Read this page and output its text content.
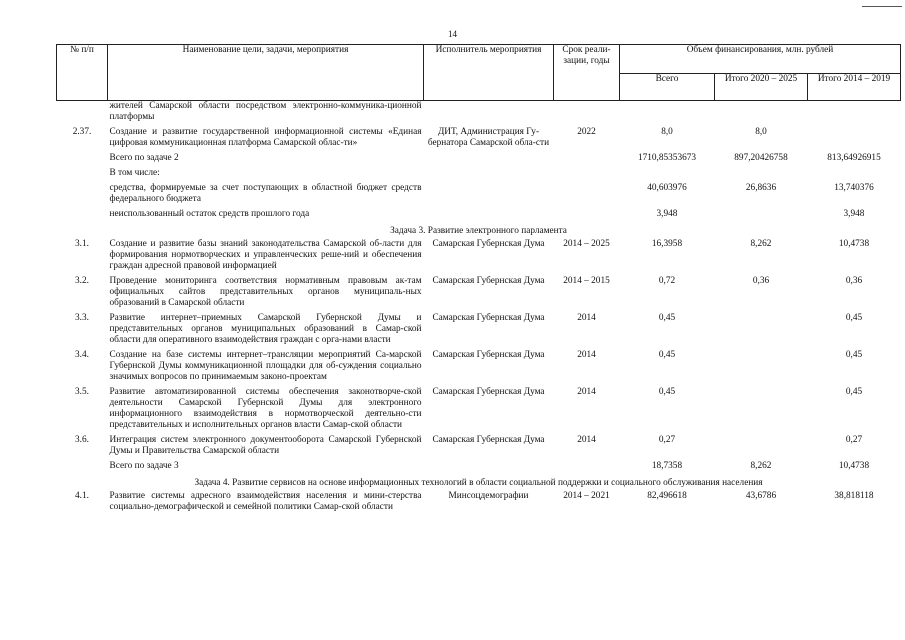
14
№ п/п	Наименование цели, задачи, мероприятия	Исполнитель мероприятия	Срок реали-зации, годы	Объем финансирования, млн. рублей		
				Всего	Итого 2020 – 2025	Итого 2014 – 2019
	жителей Самарской области посредством электронно-коммуника-ционной платформы					
2.37.	Создание и развитие государственной информационной системы «Единая цифровая коммуникационная платформа Самарской облас-ти»	ДИТ, Администрация Гу-бернатора Самарской обла-сти	2022	8,0	8,0	
	Всего по задаче 2			1710,85353673	897,20426758	813,64926915
	В том числе:					
	средства, формируемые за счет поступающих в областной бюджет средств федерального бюджета			40,603976	26,8636	13,740376
	неиспользованный остаток средств прошлого года			3,948		3,948
Задача 3. Развитие электронного парламента						
3.1.	Создание и развитие базы знаний законодательства Самарской об-ласти для формирования нормотворческих и управленческих реше-ний и обеспечения граждан адресной правовой информацией	Самарская Губернская Дума	2014 – 2025	16,3958	8,262	10,4738
3.2.	Проведение мониторинга соответствия нормативным правовым ак-там официальных сайтов представительных органов муниципаль-ных образований в Самарской области	Самарская Губернская Дума	2014 – 2015	0,72	0,36	0,36
3.3.	Развитие интернет–приемных Самарской Губернской Думы и представительных органов муниципальных образований в Самар-ской области для оперативного взаимодействия граждан с орга-нами власти	Самарская Губернская Дума	2014	0,45		0,45
3.4.	Создание на базе системы интернет–трансляции мероприятий Са-марской Губернской Думы коммуникационной площадки для об-суждения социально значимых вопросов по принимаемым законо-проектам	Самарская Губернская Дума	2014	0,45		0,45
3.5.	Развитие автоматизированной системы обеспечения законотворче-ской деятельности Самарской Губернской Думы для электронного информационного взаимодействия в нормотворческой деятельно-сти представительных и исполнительных органов власти Самар-ской области	Самарская Губернская Дума	2014	0,45		0,45
3.6.	Интеграция систем электронного документооборота Самарской Губернской Думы и Правительства Самарской области	Самарская Губернская Дума	2014	0,27		0,27
	Всего по задаче 3			18,7358	8,262	10,4738
Задача 4. Развитие сервисов на основе информационных технологий в области социальной поддержки и социального обслуживания населения						
4.1.	Развитие системы адресного взаимодействия населения и мини-стерства социально-демографической и семейной политики Самар-ской области	Минсоцдемографии	2014 – 2021	82,496618	43,6786	38,818118
